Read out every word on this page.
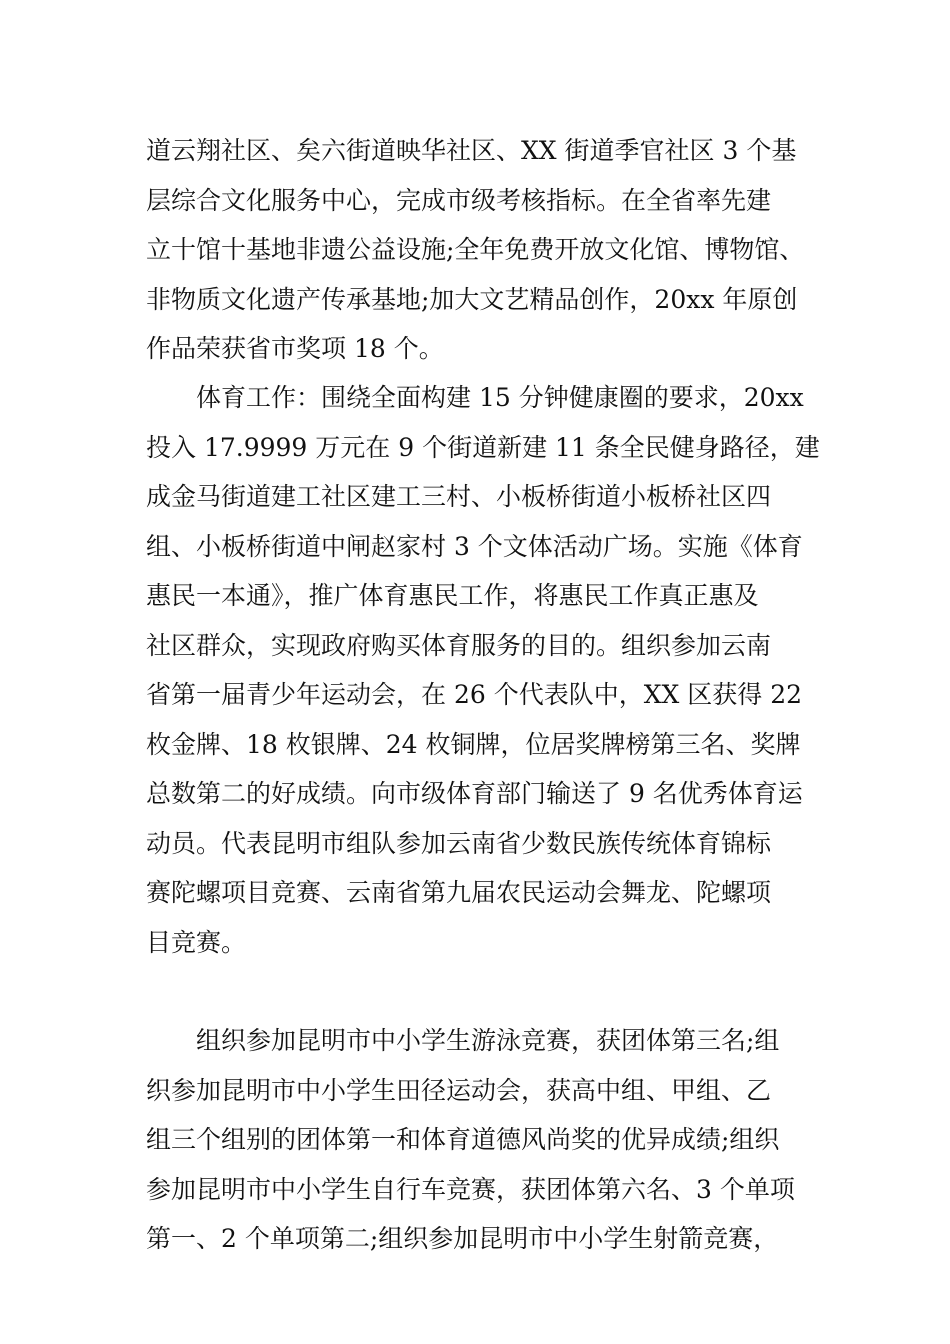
道云翔社区、矣六街道映华社区、XX 街道季官社区 3 个基
层综合文化服务中心，完成市级考核指标。在全省率先建
立十馆十基地非遗公益设施;全年免费开放文化馆、博物馆、
非物质文化遗产传承基地;加大文艺精品创作，20xx 年原创
作品荣获省市奖项 18 个。
体育工作：围绕全面构建 15 分钟健康圈的要求，20xx
投入 17.9999 万元在 9 个街道新建 11 条全民健身路径，建
成金马街道建工社区建工三村、小板桥街道小板桥社区四
组、小板桥街道中闸赵家村 3 个文体活动广场。实施《体育
惠民一本通》，推广体育惠民工作，将惠民工作真正惠及
社区群众，实现政府购买体育服务的目的。组织参加云南
省第一届青少年运动会，在 26 个代表队中，XX 区获得 22
枚金牌、18 枚银牌、24 枚铜牌，位居奖牌榜第三名、奖牌
总数第二的好成绩。向市级体育部门输送了 9 名优秀体育运
动员。代表昆明市组队参加云南省少数民族传统体育锦标
赛陀螺项目竞赛、云南省第九届农民运动会舞龙、陀螺项
目竞赛。
组织参加昆明市中小学生游泳竞赛，获团体第三名;组
织参加昆明市中小学生田径运动会，获高中组、甲组、乙
组三个组别的团体第一和体育道德风尚奖的优异成绩;组织
参加昆明市中小学生自行车竞赛，获团体第六名、3 个单项
第一、2 个单项第二;组织参加昆明市中小学生射箭竞赛，
